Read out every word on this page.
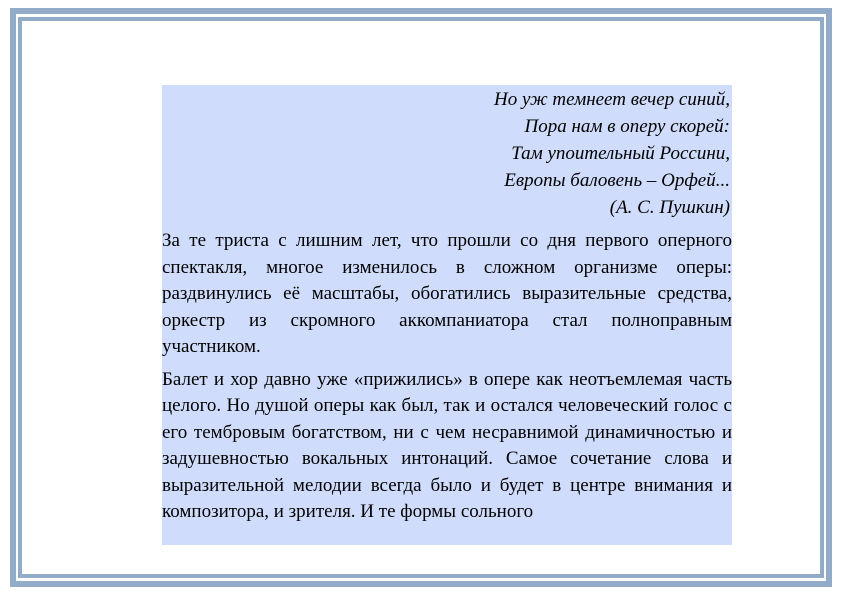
Но уж темнеет вечер синий,
Пора нам в оперу скорей:
Там упоительный Россини,
Европы баловень – Орфей...
(А. С. Пушкин)

За те триста с лишним лет, что прошли со дня первого оперного спектакля, многое изменилось в сложном организме оперы: раздвинулись её масштабы, обогатились выразительные средства, оркестр из скромного аккомпаниатора стал полноправным участником.

Балет и хор давно уже «прижились» в опере как неотъемлемая часть целого. Но душой оперы как был, так и остался человеческий голос с его тембровым богатством, ни с чем несравнимой динамичностью и задушевностью вокальных интонаций. Самое сочетание слова и выразительной мелодии всегда было и будет в центре внимания и композитора, и зрителя. И те формы сольного
